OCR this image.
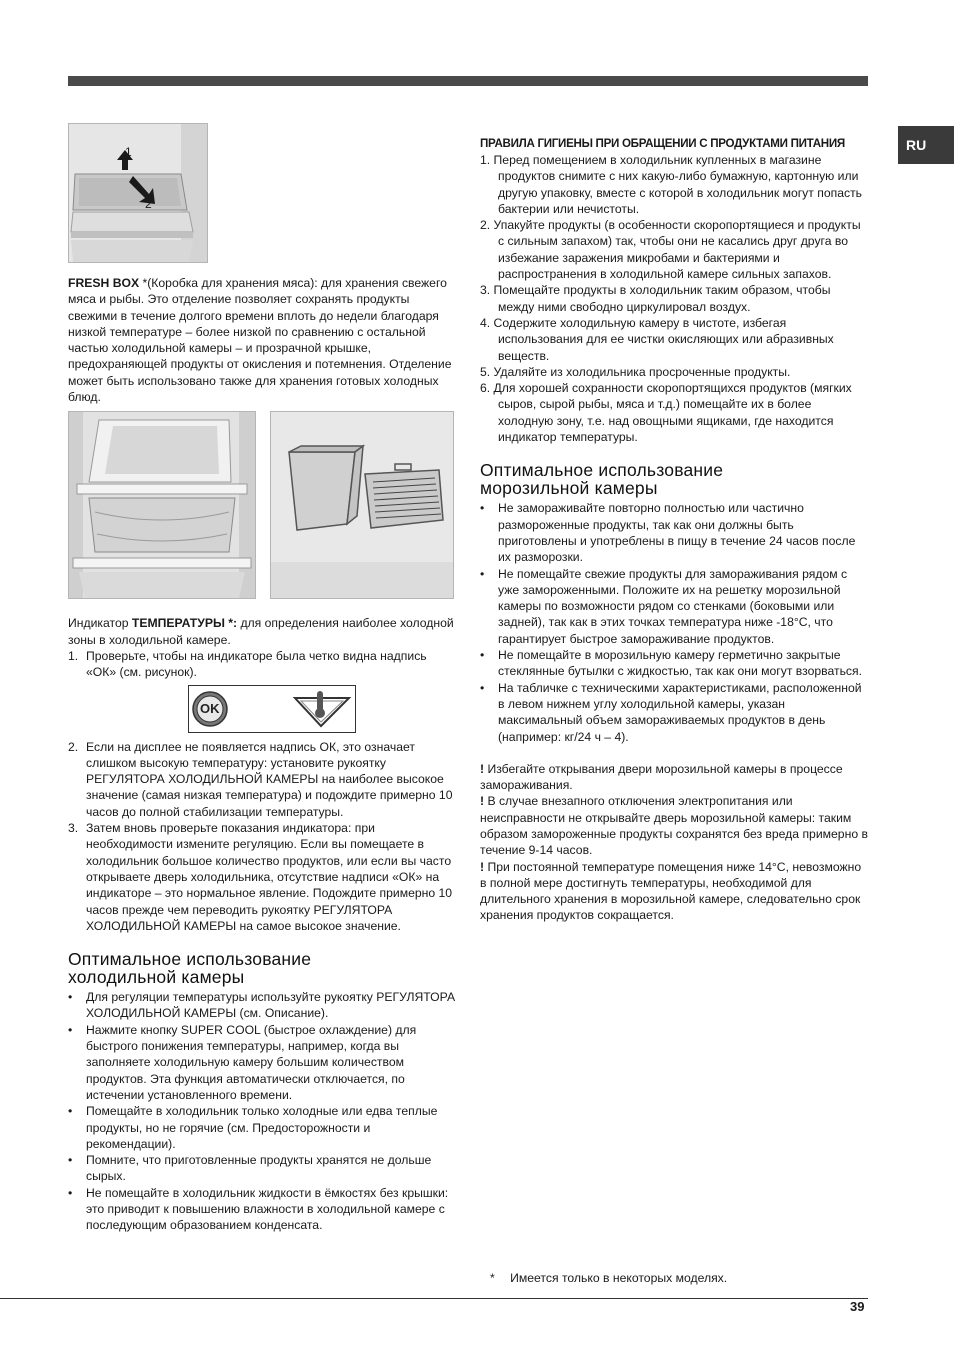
RU
1
2

FRESH BOX *(Коробка для хранения мяса): для хранения свежего мяса и рыбы. Это отделение позволяет сохранять продукты свежими в течение долгого времени вплоть до недели благодаря низкой температуре – более низкой по сравнению с остальной частью холодильной камеры – и прозрачной крышке, предохраняющей продукты от окисления и потемнения. Отделение может быть использовано также для хранения готовых холодных блюд.

Индикатор ТЕМПЕРАТУРЫ *: для определения наиболее холодной зоны в холодильной камере.

1. Проверьте, чтобы на индикаторе была четко видна надпись «ОК» (см. рисунок).
OK
2. Если на дисплее не появляется надпись ОК, это означает слишком высокую температуру: установите рукоятку РЕГУЛЯТОРА ХОЛОДИЛЬНОЙ КАМЕРЫ на наиболее высокое значение (самая низкая температура) и подождите примерно 10 часов до полной стабилизации температуры.
3. Затем вновь проверьте показания индикатора: при необходимости измените регуляцию. Если вы помещаете в холодильник большое количество продуктов, или если вы часто открываете дверь холодильника, отсутствие надписи «ОК» на индикаторе – это нормальное явление. Подождите примерно 10 часов прежде чем переводить рукоятку РЕГУЛЯТОРА ХОЛОДИЛЬНОЙ КАМЕРЫ на самое высокое значение.
Оптимальное использование
холодильной камеры
• Для регуляции температуры используйте рукоятку РЕГУЛЯТОРА ХОЛОДИЛЬНОЙ КАМЕРЫ (см. Описание).
• Нажмите кнопку SUPER COOL (быстрое охлаждение) для быстрого понижения температуры, например, когда вы заполняете холодильную камеру большим количеством продуктов. Эта функция автоматически отключается, по истечении установленного времени.
• Помещайте в холодильник только холодные или едва теплые продукты, но не горячие (см. Предосторожности и рекомендации).
• Помните, что приготовленные продукты хранятся не дольше сырых.
• Не помещайте в холодильник жидкости в ёмкостях без крышки: это приводит к повышению влажности в холодильной камере с последующим образованием конденсата.

ПРАВИЛА ГИГИЕНЫ ПРИ ОБРАЩЕНИИ С ПРОДУКТАМИ ПИТАНИЯ

1. Перед помещением в холодильник купленных в магазине продуктов снимите с них какую-либо бумажную, картонную или другую упаковку, вместе с которой в холодильник могут попасть бактерии или нечистоты.
2. Упакуйте продукты (в особенности скоропортящиеся и продукты с сильным запахом) так, чтобы они не касались друг друга во избежание заражения микробами и бактериями и распространения в холодильной камере сильных запахов.
3. Помещайте продукты в холодильник таким образом, чтобы между ними свободно циркулировал воздух.
4. Содержите холодильную камеру в чистоте, избегая использования для ее чистки окисляющих или абразивных веществ.
5. Удаляйте из холодильника просроченные продукты.
6. Для хорошей сохранности скоропортящихся продуктов (мягких сыров, сырой рыбы, мяса и т.д.) помещайте их в более холодную зону, т.е. над овощными ящиками, где находится индикатор температуры.
Оптимальное использование
морозильной камеры
• Не замораживайте повторно полностью или частично размороженные продукты, так как они должны быть приготовлены и употреблены в пищу в течение 24 часов после их разморозки.
• Не помещайте свежие продукты для замораживания рядом с уже замороженными. Положите их на решетку морозильной камеры по возможности рядом со стенками (боковыми или задней), так как в этих точках температура ниже -18°С, что гарантирует быстрое замораживание продуктов.
• Не помещайте в морозильную камеру герметично закрытые стеклянные бутылки с жидкостью, так как они могут взорваться.
• На табличке с техническими характеристиками, расположенной в левом нижнем углу холодильной камеры, указан максимальный объем замораживаемых продуктов в день (например: кг/24 ч – 4).

! Избегайте открывания двери морозильной камеры в процессе замораживания.

! В случае внезапного отключения электропитания или неисправности не открывайте дверь морозильной камеры: таким образом замороженные продукты сохранятся без вреда примерно в течение 9-14 часов.

! При постоянной температуре помещения ниже 14°С, невозможно в полной мере достигнуть температуры, необходимой для длительного хранения в морозильной камере, следовательно срок хранения продуктов сокращается.

* Имеется только в некоторых моделях.
39
